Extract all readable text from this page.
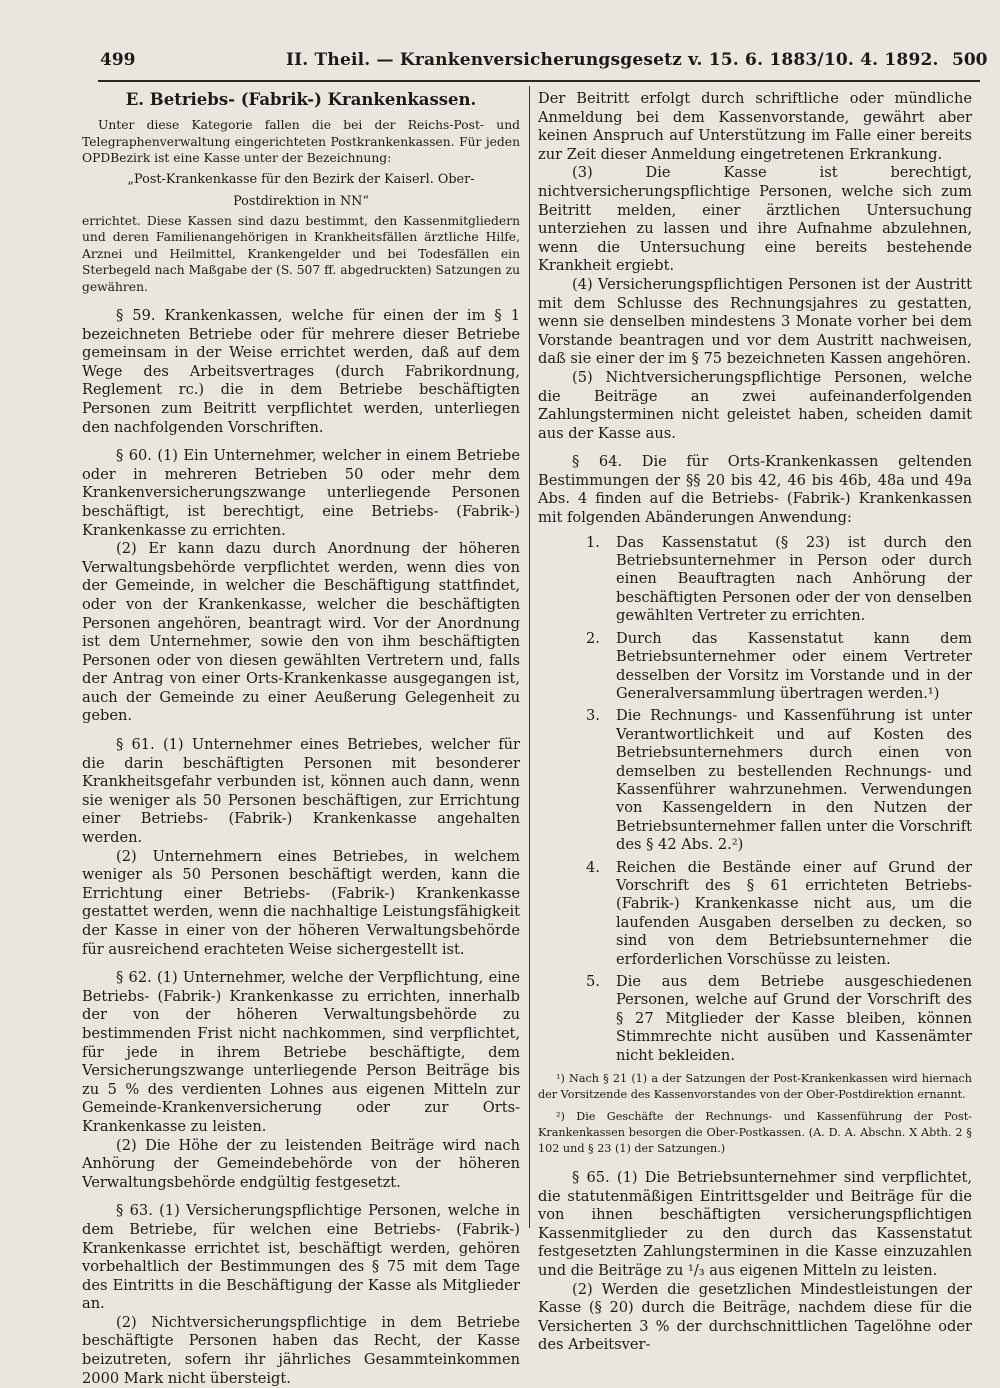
499	II. Theil. — Krankenversicherungsgesetz v. 15. 6. 1883/10. 4. 1892. 500

E. Betriebs- (Fabrik-) Krankenkassen.

Unter diese Kategorie fallen die bei der Reichs-Post- und Telegraphenverwaltung eingerichteten Postkrankenkassen. Für jeden OPDBezirk ist eine Kasse unter der Bezeichnung:

„Post-Krankenkasse für den Bezirk der Kaiserl. Ober-Postdirektion in NN“

errichtet. Diese Kassen sind dazu bestimmt, den Kassenmitgliedern und deren Familienangehörigen in Krankheitsfällen ärztliche Hilfe, Arznei und Heilmittel, Krankengelder und bei Todesfällen ein Sterbegeld nach Maßgabe der (S. 507 ff. abgedruckten) Satzungen zu gewähren.

§ 59. Krankenkassen, welche für einen der im § 1 bezeichneten Betriebe oder für mehrere dieser Betriebe gemeinsam in der Weise errichtet werden, daß auf dem Wege des Arbeitsvertrages (durch Fabrikordnung, Reglement rc.) die in dem Betriebe beschäftigten Personen zum Beitritt verpflichtet werden, unterliegen den nachfolgenden Vorschriften.

§ 60. (1) Ein Unternehmer, welcher in einem Betriebe oder in mehreren Betrieben 50 oder mehr dem Krankenversicherungszwange unterliegende Personen beschäftigt, ist berechtigt, eine Betriebs- (Fabrik-) Krankenkasse zu errichten.

(2) Er kann dazu durch Anordnung der höheren Verwaltungsbehörde verpflichtet werden, wenn dies von der Gemeinde, in welcher die Beschäftigung stattfindet, oder von der Krankenkasse, welcher die beschäftigten Personen angehören, beantragt wird. Vor der Anordnung ist dem Unternehmer, sowie den von ihm beschäftigten Personen oder von diesen gewählten Vertretern und, falls der Antrag von einer Orts-Krankenkasse ausgegangen ist, auch der Gemeinde zu einer Aeußerung Gelegenheit zu geben.

§ 61. (1) Unternehmer eines Betriebes, welcher für die darin beschäftigten Personen mit besonderer Krankheitsgefahr verbunden ist, können auch dann, wenn sie weniger als 50 Personen beschäftigen, zur Errichtung einer Betriebs- (Fabrik-) Krankenkasse angehalten werden.

(2) Unternehmern eines Betriebes, in welchem weniger als 50 Personen beschäftigt werden, kann die Errichtung einer Betriebs- (Fabrik-) Krankenkasse gestattet werden, wenn die nachhaltige Leistungsfähigkeit der Kasse in einer von der höheren Verwaltungsbehörde für ausreichend erachteten Weise sichergestellt ist.

§ 62. (1) Unternehmer, welche der Verpflichtung, eine Betriebs- (Fabrik-) Krankenkasse zu errichten, innerhalb der von der höheren Verwaltungsbehörde zu bestimmenden Frist nicht nachkommen, sind verpflichtet, für jede in ihrem Betriebe beschäftigte, dem Versicherungszwange unterliegende Person Beiträge bis zu 5 % des verdienten Lohnes aus eigenen Mitteln zur Gemeinde-Krankenversicherung oder zur Orts-Krankenkasse zu leisten.

(2) Die Höhe der zu leistenden Beiträge wird nach Anhörung der Gemeindebehörde von der höheren Verwaltungsbehörde endgültig festgesetzt.

§ 63. (1) Versicherungspflichtige Personen, welche in dem Betriebe, für welchen eine Betriebs- (Fabrik-) Krankenkasse errichtet ist, beschäftigt werden, gehören vorbehaltlich der Bestimmungen des § 75 mit dem Tage des Eintritts in die Beschäftigung der Kasse als Mitglieder an.

(2) Nichtversicherungspflichtige in dem Betriebe beschäftigte Personen haben das Recht, der Kasse beizutreten, sofern ihr jährliches Gesammteinkommen 2000 Mark nicht übersteigt.

Der Beitritt erfolgt durch schriftliche oder mündliche Anmeldung bei dem Kassenvorstande, gewährt aber keinen Anspruch auf Unterstützung im Falle einer bereits zur Zeit dieser Anmeldung eingetretenen Erkrankung.

(3) Die Kasse ist berechtigt, nichtversicherungspflichtige Personen, welche sich zum Beitritt melden, einer ärztlichen Untersuchung unterziehen zu lassen und ihre Aufnahme abzulehnen, wenn die Untersuchung eine bereits bestehende Krankheit ergiebt.

(4) Versicherungspflichtigen Personen ist der Austritt mit dem Schlusse des Rechnungsjahres zu gestatten, wenn sie denselben mindestens 3 Monate vorher bei dem Vorstande beantragen und vor dem Austritt nachweisen, daß sie einer der im § 75 bezeichneten Kassen angehören.

(5) Nichtversicherungspflichtige Personen, welche die Beiträge an zwei aufeinanderfolgenden Zahlungsterminen nicht geleistet haben, scheiden damit aus der Kasse aus.

§ 64. Die für Orts-Krankenkassen geltenden Bestimmungen der §§ 20 bis 42, 46 bis 46b, 48a und 49a Abs. 4 finden auf die Betriebs- (Fabrik-) Krankenkassen mit folgenden Abänderungen Anwendung:

1. Das Kassenstatut (§ 23) ist durch den Betriebsunternehmer in Person oder durch einen Beauftragten nach Anhörung der beschäftigten Personen oder der von denselben gewählten Vertreter zu errichten.
2. Durch das Kassenstatut kann dem Betriebsunternehmer oder einem Vertreter desselben der Vorsitz im Vorstande und in der Generalversammlung übertragen werden.¹)
3. Die Rechnungs- und Kassenführung ist unter Verantwortlichkeit und auf Kosten des Betriebsunternehmers durch einen von demselben zu bestellenden Rechnungs- und Kassenführer wahrzunehmen. Verwendungen von Kassengeldern in den Nutzen der Betriebsunternehmer fallen unter die Vorschrift des § 42 Abs. 2.²)
4. Reichen die Bestände einer auf Grund der Vorschrift des § 61 errichteten Betriebs- (Fabrik-) Krankenkasse nicht aus, um die laufenden Ausgaben derselben zu decken, so sind von dem Betriebsunternehmer die erforderlichen Vorschüsse zu leisten.
5. Die aus dem Betriebe ausgeschiedenen Personen, welche auf Grund der Vorschrift des § 27 Mitglieder der Kasse bleiben, können Stimmrechte nicht ausüben und Kassenämter nicht bekleiden.

¹) Nach § 21 (1) a der Satzungen der Post-Krankenkassen wird hiernach der Vorsitzende des Kassenvorstandes von der Ober-Postdirektion ernannt.

²) Die Geschäfte der Rechnungs- und Kassenführung der Post-Krankenkassen besorgen die Ober-Postkassen. (A. D. A. Abschn. X Abth. 2 § 102 und § 23 (1) der Satzungen.)

§ 65. (1) Die Betriebsunternehmer sind verpflichtet, die statutenmäßigen Eintrittsgelder und Beiträge für die von ihnen beschäftigten versicherungspflichtigen Kassenmitglieder zu den durch das Kassenstatut festgesetzten Zahlungsterminen in die Kasse einzuzahlen und die Beiträge zu ¹/₃ aus eigenen Mitteln zu leisten.

(2) Werden die gesetzlichen Mindestleistungen der Kasse (§ 20) durch die Beiträge, nachdem diese für die Versicherten 3 % der durchschnittlichen Tagelöhne oder des Arbeitsver-
